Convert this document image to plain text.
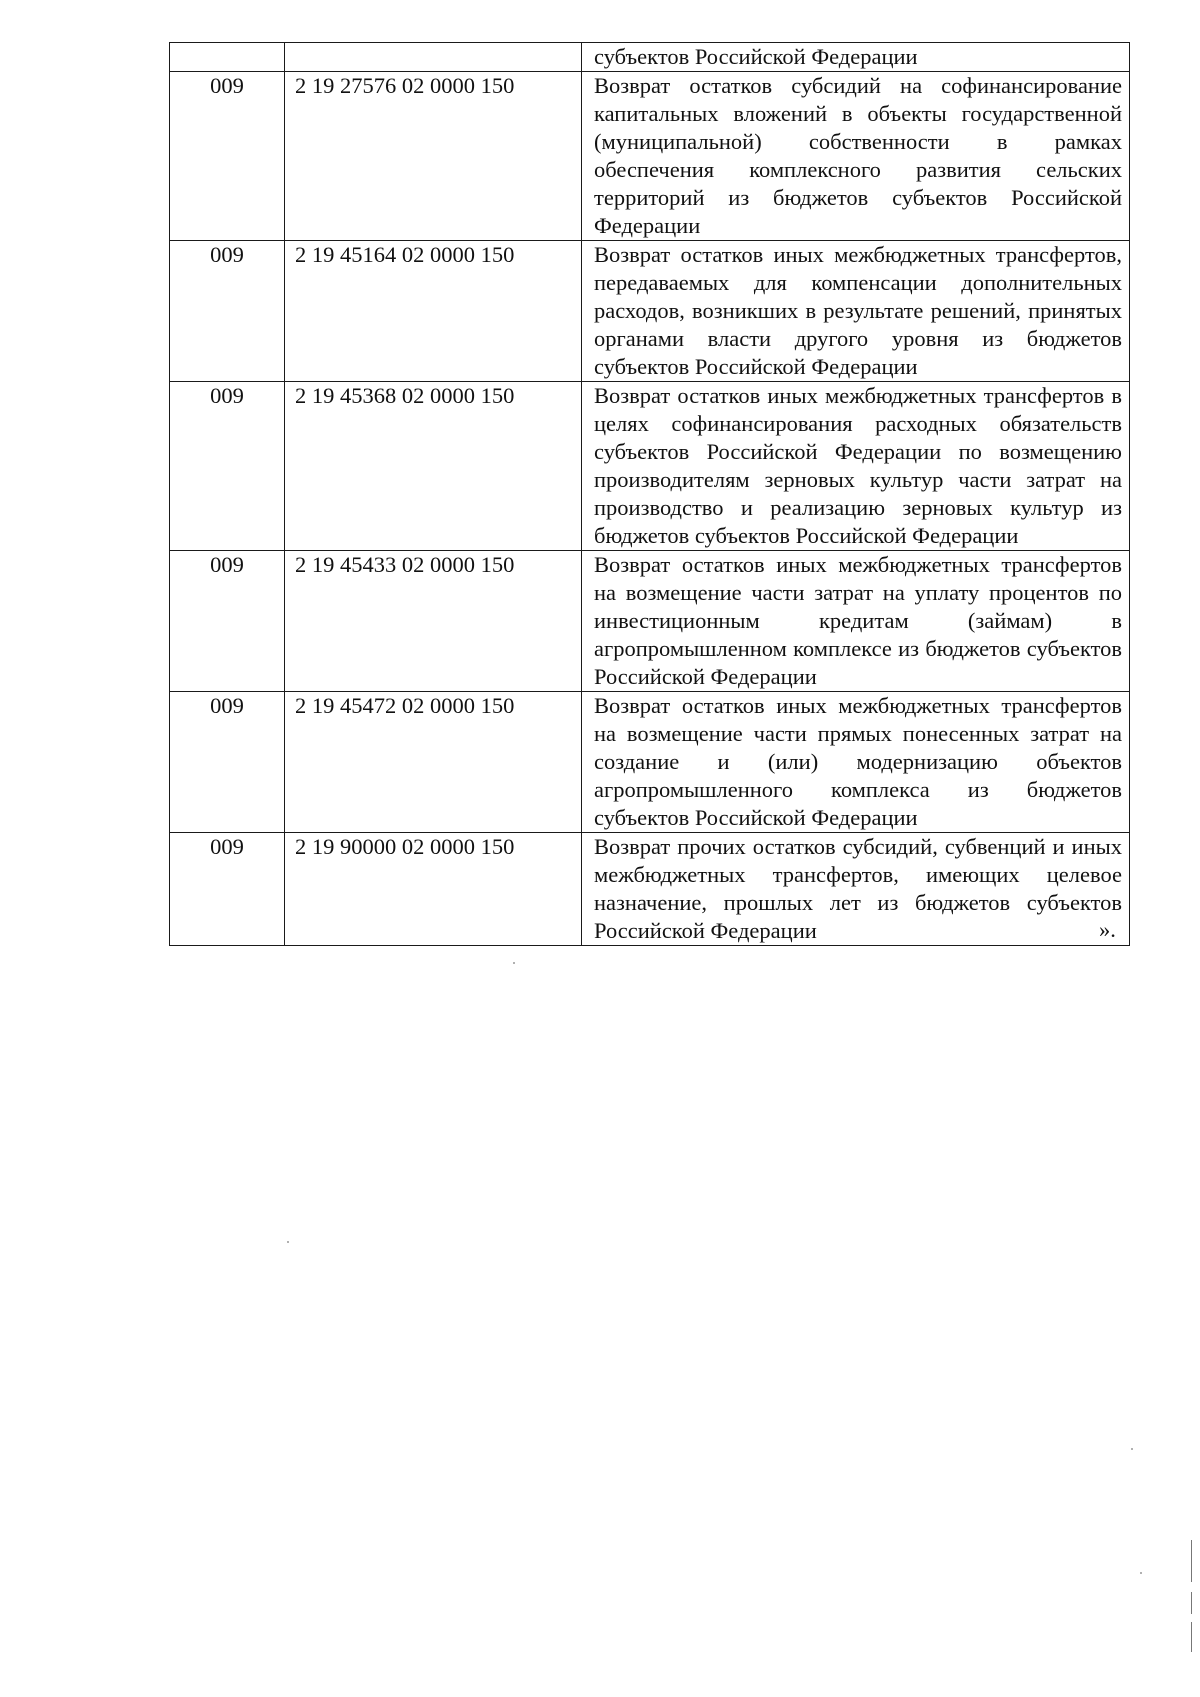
		субъектов Российской Федерации

009	2 19 27576 02 0000 150	Возврат остатков субсидий на софинансирование капитальных вложений в объекты государственной (муниципальной) собственности в рамках обеспечения комплексного развития сельских территорий из бюджетов субъектов Российской Федерации

009	2 19 45164 02 0000 150	Возврат остатков иных межбюджетных трансфертов, передаваемых для компенсации дополнительных расходов, возникших в результате решений, принятых органами власти другого уровня из бюджетов субъектов Российской Федерации

009	2 19 45368 02 0000 150	Возврат остатков иных межбюджетных трансфертов в целях софинансирования расходных обязательств субъектов Российской Федерации по возмещению производителям зерновых культур части затрат на производство и реализацию зерновых культур из бюджетов субъектов Российской Федерации

009	2 19 45433 02 0000 150	Возврат остатков иных межбюджетных трансфертов на возмещение части затрат на уплату процентов по инвестиционным кредитам (займам) в агропромышленном комплексе из бюджетов субъектов Российской Федерации

009	2 19 45472 02 0000 150	Возврат остатков иных межбюджетных трансфертов на возмещение части прямых понесенных затрат на создание и (или) модернизацию объектов агропромышленного комплекса из бюджетов субъектов Российской Федерации

009	2 19 90000 02 0000 150	Возврат прочих остатков субсидий, субвенций и иных межбюджетных трансфертов, имеющих целевое назначение, прошлых лет из бюджетов субъектов Российской Федерации	».
